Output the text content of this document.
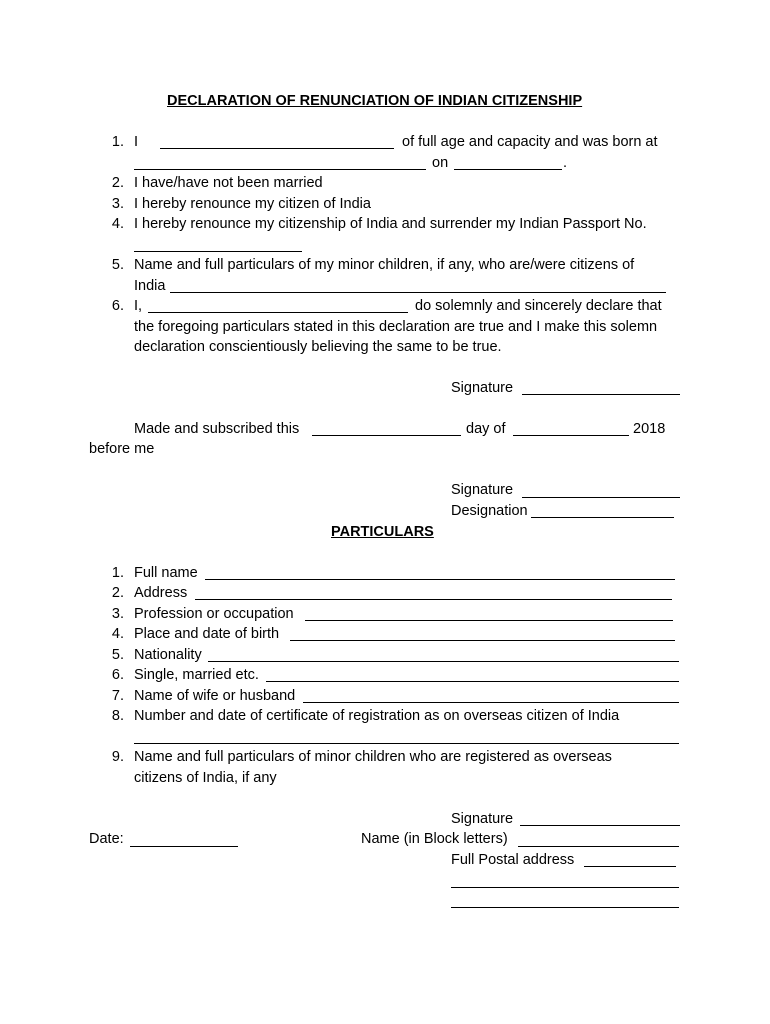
DECLARATION OF RENUNCIATION OF INDIAN CITIZENSHIP
1. I	of full age and capacity and was born at
on	.
2. I have/have not been married
3. I hereby renounce my citizen of India
4. I hereby renounce my citizenship of India and surrender my Indian Passport No.
5. Name and full particulars of my minor children, if any, who are/were citizens of
India
6. I,	do solemnly and sincerely declare that
the foregoing particulars stated in this declaration are true and I make this solemn
declaration conscientiously believing the same to be true.
Signature
Made and subscribed this	day of	2018
before me
Signature
Designation
PARTICULARS
1. Full name
2. Address
3. Profession or occupation
4. Place and date of birth
5. Nationality
6. Single, married etc.
7. Name of wife or husband
8. Number and date of certificate of registration as on overseas citizen of India
9. Name and full particulars of minor children who are registered as overseas
citizens of India, if any
Signature
Date:	Name (in Block letters)
Full Postal address
